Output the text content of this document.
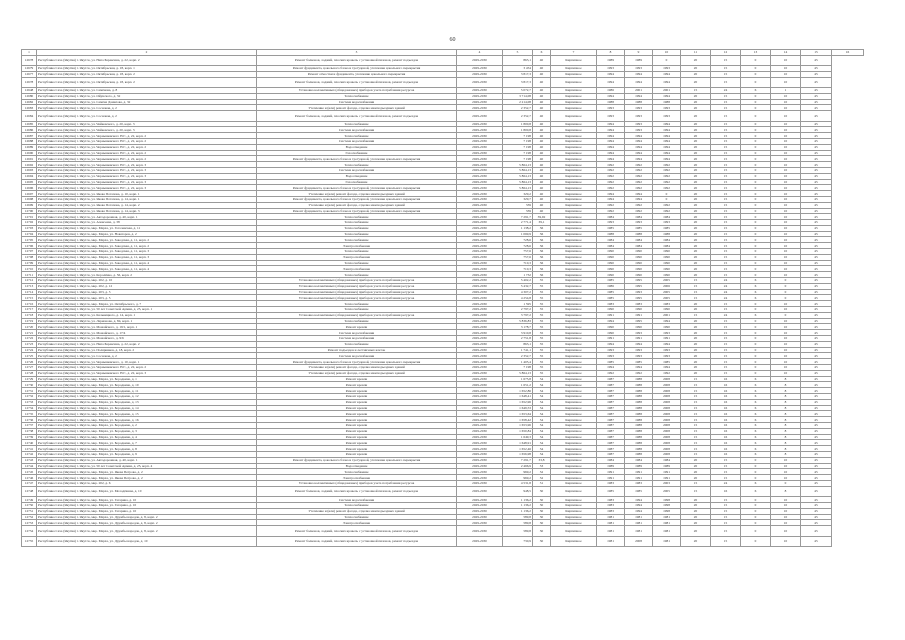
60
1	2	3	4	5	6	7	8	9	10	11	12	13	14	15	16
12678	Республика Саха (Якутия) г. Якутск, ул. Непа Бараксина, д. 22, корп. 2	Ремонт балконов, лоджий, плоских кровель с установкой пилонов, ремонт подъездов	2029-2030	863,1	40	Кирпичное	1989	1989	0	20	15	0	10	45	
12679	Республика Саха (Якутия) г. Якутск, ул. Октябрьская, д. 18, корп. 1	Ремонт фундамента, цокольного блока и тротуарной, утепление цокольного перекрытия	2029-2030	3 454	40	Кирпичное	1993	1993	1993	20	15	0	10	45	
12677	Республика Саха (Якутия) г. Якутск, ул. Октябрьская, д. 18, корп. 2	Ремонт отмостки и фундамента, утепление цокольного перекрытия	2029-2030	3 817,3	40	Кирпичное	1994	1994	1994	20	15	0	10	45	
12678	Республика Саха (Якутия) г. Якутск, ул. Октябрьская, д. 18, корп. 2	Ремонт балконов, лоджий, плоских кровель с установкой пилонов, ремонт подъездов	2029-2030	3 817,3	40	Кирпичное	1994	1994	1994	20	15	0	10	45	
12648	Республика Саха (Якутия) г. Якутск, ул. Семёнова, д. 8	Установка коллективных (общедомовых) приборов учета потребления ресурсов	2029-2030	5 072,7	40	Кирпичное	1986	2001	2001	15	24	6	1	45	
12680	Республика Саха (Якутия) г. Якутск, ул. Ойунского, д. 32	Теплоснабжение	2029-2030	3 714,08	40	Кирпичное	1994	1994	1994	20	15	0	10	45	
12682	Республика Саха (Якутия) г. Якутск, ул. Семёна Данилова, д. 32	Система водоснабжения	2029-2030	2 214,08	40	Кирпичное	1988	1988	1988	20	15	0	10	45	
12683	Республика Саха (Якутия) г. Якутск, ул. Сосновая, д. 2	Утепление и (или) ремонт фасада, отделка межподъездных зданий	2029-2030	2 352,7	40	Кирпичное	1993	1993	1993	20	15	0	10	45	
12684	Республика Саха (Якутия) г. Якутск, ул. Сосновая, д. 2	Ремонт балконов, лоджий, плоских кровель с установкой пилонов, ремонт подъездов	2029-2030	2 352,7	40	Кирпичное	1993	1993	1993	20	15	0	10	45	
12685	Республика Саха (Якутия) г. Якутск, ул. Чайковского, д. 20, корп. 3	Теплоснабжение	2029-2030	1 800,8	40	Кирпичное	1994	1993	1994	20	15	0	10	45	
12686	Республика Саха (Якутия) г. Якутск, ул. Чайковского, д. 20, корп. 3	Система водоснабжения	2029-2030	1 800,8	40	Кирпичное	1994	1993	1994	20	15	0	10	45	
12687	Республика Саха (Якутия) г. Якутск, ул. Чернышевского Н.Г., д. 22, корп. 2	Теплоснабжение	2029-2030	7 198	40	Кирпичное	1994	1994	1994	20	15	0	10	45	
12688	Республика Саха (Якутия) г. Якутск, ул. Чернышевского Н.Г., д. 22, корп. 2	Система водоснабжения	2029-2030	7 198	40	Кирпичное	1994	1994	1994	20	15	0	10	45	
12689	Республика Саха (Якутия) г. Якутск, ул. Чернышевского Н.Г., д. 22, корп. 2	Водоотведение	2029-2030	7 198	40	Кирпичное	1994	1994	1994	20	15	0	10	45	
12690	Республика Саха (Якутия) г. Якутск, ул. Чернышевского Н.Г., д. 22, корп. 2	Газоснабжение	2029-2030	7 198	40	Кирпичное	1994	1994	1994	20	15	0	10	45	
12691	Республика Саха (Якутия) г. Якутск, ул. Чернышевского Н.Г., д. 22, корп. 2	Ремонт фундамента, цокольного блока и тротуарной, утепление цокольного перекрытия	2029-2030	7 198	40	Кирпичное	1994	1994	1994	20	15	0	10	45	
12692	Республика Саха (Якутия) г. Якутск, ул. Чернышевского Н.Г., д. 22, корп. 3	Теплоснабжение	2029-2030	5 864,13	40	Кирпичное	1992	1992	1992	20	15	0	10	45	
12693	Республика Саха (Якутия) г. Якутск, ул. Чернышевского Н.Г., д. 22, корп. 3	Система водоснабжения	2029-2030	5 864,13	40	Кирпичное	1992	1992	1992	20	15	0	10	45	
12694	Республика Саха (Якутия) г. Якутск, ул. Чернышевского Н.Г., д. 22, корп. 3	Водоотведение	2029-2030	5 864,13	40	Кирпичное	1992	1992	1992	20	15	0	10	45	
12695	Республика Саха (Якутия) г. Якутск, ул. Чернышевского Н.Г., д. 22, корп. 3	Газоснабжение	2029-2030	5 864,13	40	Кирпичное	1992	1992	1992	20	15	0	10	45	
12696	Республика Саха (Якутия) г. Якутск, ул. Чернышевского Н.Г., д. 22, корп. 3	Ремонт фундамента, цокольного блока и тротуарной, утепление цокольного перекрытия	2029-2030	5 864,13	40	Кирпичное	1992	1992	1992	20	15	0	10	45	
12697	Республика Саха (Якутия) г. Якутск, ул. Якова Потапова, д. 10, корп. 1	Утепление и (или) ремонт фасада, отделка межподъездных зданий	2029-2030	329,2	40	Кирпичное	1994	1994	0	20	15	0	10	45	
12698	Республика Саха (Якутия) г. Якутск, ул. Якова Потапова, д. 14, корп. 1	Ремонт фундамента, цокольного блока и тротуарной, утепление цокольного перекрытия	2029-2030	329,7	40	Кирпичное	1994	1994	0	20	15	0	10	45	
12699	Республика Саха (Якутия) г. Якутск, ул. Якова Потапова, д. 14, корп. 2	Утепление и (или) ремонт фасада, отделка межподъездных зданий	2029-2030	339	40	Кирпичное	1992	1992	1992	20	15	0	10	45	
12700	Республика Саха (Якутия) г. Якутск, ул. Якова Потапова, д. 14, корп. 3	Ремонт фундамента, цокольного блока и тротуарной, утепление цокольного перекрытия	2029-2030	339	40	Кирпичное	1992	1992	1992	20	15	0	10	45	
12701	Республика Саха (Якутия) г. Якутск, ул. Автодорожная, д. 40, корп. 1	Теплоснабжение	2029-2030	7 291,7	39,92	Кирпичное	1984	1984	1984	20	15	0	10	45	
12702	Республика Саха (Якутия) г. Якутск, ул. Алексеева, д. 38	Теплоснабжение	2029-2030	2 771,4	39,1	Кирпичное	1993	1993	1993	20	15	0	10	45	
12703	Республика Саха (Якутия) г. Якутск, мкр. Марха, ул. Гоголевская, д. 11	Теплоснабжение	2029-2030	1 138,2	36	Кирпичное	1985	1985	1985	20	15	0	10	45	
12704	Республика Саха (Якутия) г. Якутск, мкр. Марха, ул. Новаторов, д. 2	Теплоснабжение	2029-2030	1 069,9	36	Кирпичное	1988	1988	1988	20	15	0	10	45	
12705	Республика Саха (Якутия) г. Якутск, мкр. Марха, ул. Заводская, д. 11, корп. 2	Теплоснабжение	2029-2030	728,6	36	Кирпичное	1984	1984	1984	20	15	0	10	45	
12706	Республика Саха (Якутия) г. Якутск, мкр. Марха, ул. Заводская, д. 11, корп. 2	Электроснабжение	2029-2030	728,6	36	Кирпичное	1984	1984	1984	20	15	0	10	45	
12707	Республика Саха (Якутия) г. Якутск, мкр. Марха, ул. Заводская, д. 11, корп. 3	Теплоснабжение	2029-2030	757,6	36	Кирпичное	1990	1990	1990	20	15	0	10	45	
12708	Республика Саха (Якутия) г. Якутск, мкр. Марха, ул. Заводская, д. 11, корп. 3	Электроснабжение	2029-2030	757,6	36	Кирпичное	1990	1990	1990	20	15	0	10	45	
12709	Республика Саха (Якутия) г. Якутск, мкр. Марха, ул. Заводская, д. 11, корп. 4	Теплоснабжение	2029-2030	710,3	36	Кирпичное	1990	1990	1990	20	15	0	10	45	
12710	Республика Саха (Якутия) г. Якутск, мкр. Марха, ул. Заводская, д. 11, корп. 4	Электроснабжение	2029-2030	710,3	36	Кирпичное	1990	1990	1990	20	15	0	10	45	
12711	Республика Саха (Якутия) г. Якутск, ул. Королёнко, д. 56, корп. 2	Теплоснабжение	2029-2030	1 732	36	Кирпичное	1990	1990	1990	20	15	0	10	45	
12712	Республика Саха (Якутия) г. Якутск, мкр. 202, д. 10	Установка коллективных (общедомовых) приборов учета потребления ресурсов	2029-2030	5 402,2	35	Кирпичное	1985	1995	2005	15	24	6	0	45	
12713	Республика Саха (Якутия) г. Якутск, мкр. 202, д. 12	Установка коллективных (общедомовых) приборов учета потребления ресурсов	2029-2030	5 432,7	35	Кирпичное	1986	1995	2006	15	24	6	0	45	
12714	Республика Саха (Якутия) г. Якутск, мкр. 203, д. 3	Установка коллективных (общедомовых) приборов учета потребления ресурсов	2029-2030	4 307,2	35	Кирпичное	1985	1993	2005	15	24	6	0	45	
12715	Республика Саха (Якутия) г. Якутск, мкр. 203, д. 5	Установка коллективных (общедомовых) приборов учета потребления ресурсов	2029-2030	4 254,8	35	Кирпичное	1985	1995	2005	15	24	6	0	45	
12716	Республика Саха (Якутия) г. Якутск, мкр. Марха, ул. Октябрьского, д. 7	Теплоснабжение	2029-2030	1 595	35	Кирпичное	1983	1983	1983	20	15	0	10	45	
12717	Республика Саха (Якутия) г. Якутск, ул. 50 лет Советской Армии, д. 25, корп. 1	Теплоснабжение	2029-2030	2 797,2	35	Кирпичное	1990	1990	1990	20	15	0	10	45	
12718	Республика Саха (Якутия) г. Якутск, ул. Кальвицкого, д. 14, корп. 1	Установка коллективных (общедомовых) приборов учета потребления ресурсов	2029-2030	3 797,2	35	Кирпичное	1991	1991	2001	15	24	6	0	45	
12719	Республика Саха (Якутия) г. Якутск, ул. Ларионова, д. 84, корп. 1	Теплоснабжение	2029-2030	5 836,83	35	Кирпичное	1994	1995	1994	20	15	0	10	45	
12720	Республика Саха (Якутия) г. Якутск, ул. Можайского, д. 19/1, корп. 1	Ремонт кровли	2029-2030	3 178,7	35	Кирпичное	1990	1990	1990	20	15	0	10	45	
12721	Республика Саха (Якутия) г. Якутск, ул. Можайского, д. 17/4	Система водоснабжения	2029-2030	3 910,8	35	Кирпичное	1990	1993	1993	20	15	0	10	45	
12722	Республика Саха (Якутия) г. Якутск, ул. Можайского, д. 9/6	Система водоснабжения	2029-2030	2 751,8	35	Кирпичное	1991	1991	1991	20	15	0	10	45	
12723	Республика Саха (Якутия) г. Якутск, ул. Непа Бараксина, д. 22, корп. 2	Теплоснабжение	2029-2030	863,1	35	Кирпичное	1994	1994	1994	20	15	0	10	45	
12724	Республика Саха (Якутия) г. Якутск, ул. Полярников, д. 18, корп. 2	Ремонт подъездов и лестничных клеток	2029-2030	1 741,1	35	Кирпичное	1993	1993	1993	20	15	0	10	45	
12725	Республика Саха (Якутия) г. Якутск, ул. Сосновая, д. 2	Система водоснабжения	2029-2030	2 352,7	35	Кирпичное	1993	1993	1993	20	15	0	10	45	
12726	Республика Саха (Якутия) г. Якутск, ул. Чернышевского, д. 10, корп. 1	Ремонт фундамента, цокольного блока и тротуарной, утепление цокольного перекрытия	2029-2030	1 405,4	35	Кирпичное	1985	1985	1985	20	15	0	10	45	
12727	Республика Саха (Якутия) г. Якутск, ул. Чернышевского Н.Г., д. 22, корп. 2	Утепление и (или) ремонт фасада, отделка межподъездных зданий	2029-2030	7 198	35	Кирпичное	1994	1994	1994	20	15	0	10	45	
12728	Республика Саха (Якутия) г. Якутск, ул. Чернышевского Н.Г., д. 22, корп. 3	Утепление и (или) ремонт фасада, отделка межподъездных зданий	2029-2030	5 864,13	35	Кирпичное	1992	1992	1992	20	15	0	10	45	
12729	Республика Саха (Якутия) г. Якутск, мкр. Марха, ул. Бородкина, д. 1	Ремонт кровли	2029-2030	1 675,8	34	Кирпичное	1987	1988	2008	15	16	6	8	45	
12730	Республика Саха (Якутия) г. Якутск, мкр. Марха, ул. Бородкина, д. 10	Ремонт кровли	2029-2030	1 651,2	34	Кирпичное	1987	1988	2008	15	16	6	8	45	
12731	Республика Саха (Якутия) г. Якутск, мкр. Марха, ул. Бородкина, д. 11	Ремонт кровли	2029-2030	1 652,86	34	Кирпичное	1987	1988	2008	15	16	6	8	45	
12732	Республика Саха (Якутия) г. Якутск, мкр. Марха, ул. Бородкина, д. 12	Ремонт кровли	2029-2030	1 648,41	34	Кирпичное	1987	1988	2008	15	16	6	8	45	
12733	Республика Саха (Якутия) г. Якутск, мкр. Марха, ул. Бородкина, д. 13	Ремонт кровли	2029-2030	1 652,96	34	Кирпичное	1987	1988	2008	15	16	6	8	45	
12734	Республика Саха (Якутия) г. Якутск, мкр. Марха, ул. Бородкина, д. 14	Ремонт кровли	2029-2030	1 649,53	34	Кирпичное	1987	1988	2008	15	16	6	8	45	
12735	Республика Саха (Якутия) г. Якутск, мкр. Марха, ул. Бородкина, д. 15	Ремонт кровли	2029-2030	1 653,64	34	Кирпичное	1987	1988	2008	15	16	6	8	45	
12736	Республика Саха (Якутия) г. Якутск, мкр. Марха, ул. Бородкина, д. 16	Ремонт кровли	2029-2030	1 658,42	34	Кирпичное	1987	1988	2008	15	16	6	8	45	
12737	Республика Саха (Якутия) г. Якутск, мкр. Марха, ул. Бородкина, д. 2	Ремонт кровли	2029-2030	1 653,96	34	Кирпичное	1987	1988	2008	15	16	6	8	45	
12738	Республика Саха (Якутия) г. Якутск, мкр. Марха, ул. Бородкина, д. 3	Ремонт кровли	2029-2030	1 650,84	34	Кирпичное	1987	1988	2008	15	16	6	8	45	
12739	Республика Саха (Якутия) г. Якутск, мкр. Марха, ул. Бородкина, д. 4	Ремонт кровли	2029-2030	1 649,3	34	Кирпичное	1987	1988	2008	15	16	6	8	45	
12740	Республика Саха (Якутия) г. Якутск, мкр. Марха, ул. Бородкина, д. 7	Ремонт кровли	2029-2030	1 648,91	34	Кирпичное	1987	1988	2008	15	16	6	8	45	
12741	Республика Саха (Якутия) г. Якутск, мкр. Марха, ул. Бородкина, д. 8	Ремонт кровли	2029-2030	1 652,46	34	Кирпичное	1987	1988	2008	15	16	6	8	45	
12742	Республика Саха (Якутия) г. Якутск, мкр. Марха, ул. Бородкина, д. 9	Ремонт кровли	2029-2030	1 656,98	34	Кирпичное	1987	1988	2008	15	16	6	8	45	
12743	Республика Саха (Якутия) г. Якутск, ул. Автодорожная, д. 40, корп. 1	Ремонт фундамента, цокольного блока и тротуарной, утепление цокольного перекрытия	2029-2030	7 291,7	33,8	Кирпичное	1984	1984	1984	20	15	0	10	45	
12744	Республика Саха (Якутия) г. Якутск, ул. 50 лет Советской Армии, д. 25, корп. 4	Водоотведение	2029-2030	2 466,9	33	Кирпичное	1989	1989	1989	20	15	0	10	45	
12745	Республика Саха (Якутия) г. Якутск, мкр. Марха, ул. Якова Петрова, д. 2	Теплоснабжение	2029-2030	969,2	32	Кирпичное	1991	1991	1991	20	15	0	10	45	
12746	Республика Саха (Якутия) г. Якутск, мкр. Марха, ул. Якова Петрова, д. 2	Электроснабжение	2029-2030	969,2	32	Кирпичное	1991	1991	1991	20	15	0	10	45	
12747	Республика Саха (Якутия) г. Якутск, мкр. 202, д. 6	Установка коллективных (общедомовых) приборов учета потребления ресурсов	2029-2030	4 531,8	31	Кирпичное	1983	1983	2003	15	24	6	0	45	
12748	Республика Саха (Якутия) г. Якутск, мкр. Марха, ул. Молодёжная, д. 10	Ремонт балконов, лоджий, плоских кровель с установкой пилонов, ремонт подъездов	2029-2030	948,5	30	Кирпичное	1985	1985	2005	15	16	6	8	45	
12749	Республика Саха (Якутия) г. Якутск, мкр. Марха, ул. Гагарина, д. 10	Система водоснабжения	2029-2030	1 136,2	30	Кирпичное	1983	1994	1998	20	15	0	10	45	
12750	Республика Саха (Якутия) г. Якутск, мкр. Марха, ул. Гагарина, д. 10	Теплоснабжение	2029-2030	1 136,2	30	Кирпичное	1983	1994	1998	20	15	0	10	45	
12751	Республика Саха (Якутия) г. Якутск, мкр. Марха, ул. Гагарина, д. 10	Утепление и (или) ремонт фасада, отделка межподъездных зданий	2029-2030	1 136,2	30	Кирпичное	1983	1994	1998	20	15	0	10	45	
12752	Республика Саха (Якутия) г. Якутск, мкр. Марха, ул. Дружбы народов, д. 8, корп. 2	Теплоснабжение	2029-2030	589,8	30	Кирпичное	1981	1981	1981	20	15	0	10	45	
12753	Республика Саха (Якутия) г. Якутск, мкр. Марха, ул. Дружбы народов, д. 8, корп. 2	Электроснабжение	2029-2030	589,8	30	Кирпичное	1981	1981	1981	20	15	0	10	45	
12754	Республика Саха (Якутия) г. Якутск, мкр. Марха, ул. Дружбы народов, д. 8, корп. 2	Ремонт балконов, лоджий, плоских кровель с установкой пилонов, ремонт подъездов	2029-2030	589,8	30	Кирпичное	1981	1981	1981	20	15	0	10	45	
12755	Республика Саха (Якутия) г. Якутск, мкр. Марха, ул. Дружбы народов, д. 10	Ремонт балконов, лоджий, плоских кровель с установкой пилонов, ремонт подъездов	2029-2030	730,9	30	Кирпичное	1981	2008	1981	20	15	0	10	45	
